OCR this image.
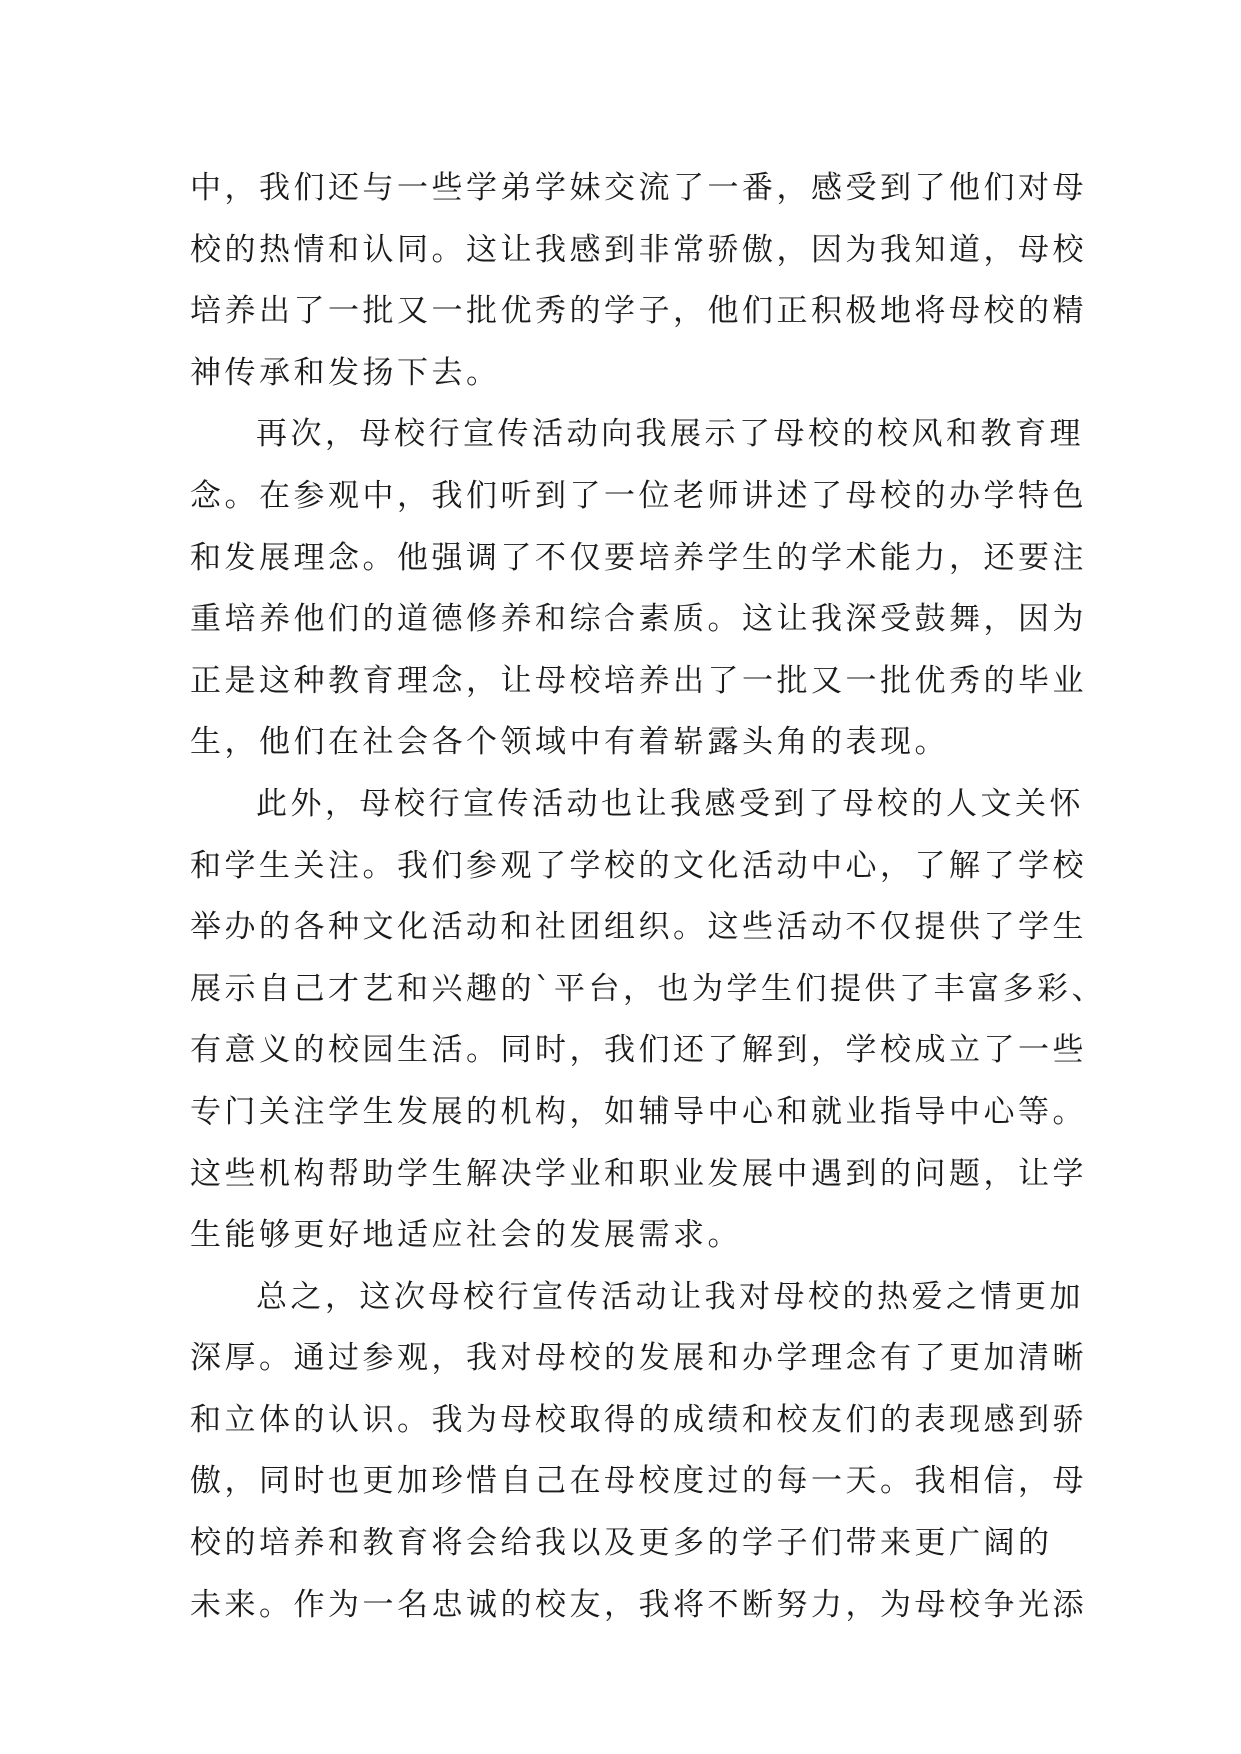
中，我们还与一些学弟学妹交流了一番，感受到了他们对母
校的热情和认同。这让我感到非常骄傲，因为我知道，母校
培养出了一批又一批优秀的学子，他们正积极地将母校的精
神传承和发扬下去。
再次，母校行宣传活动向我展示了母校的校风和教育理
念。在参观中，我们听到了一位老师讲述了母校的办学特色
和发展理念。他强调了不仅要培养学生的学术能力，还要注
重培养他们的道德修养和综合素质。这让我深受鼓舞，因为
正是这种教育理念，让母校培养出了一批又一批优秀的毕业
生，他们在社会各个领域中有着崭露头角的表现。
此外，母校行宣传活动也让我感受到了母校的人文关怀
和学生关注。我们参观了学校的文化活动中心，了解了学校
举办的各种文化活动和社团组织。这些活动不仅提供了学生
展示自己才艺和兴趣的`平台，也为学生们提供了丰富多彩、
有意义的校园生活。同时，我们还了解到，学校成立了一些
专门关注学生发展的机构，如辅导中心和就业指导中心等。
这些机构帮助学生解决学业和职业发展中遇到的问题，让学
生能够更好地适应社会的发展需求。
总之，这次母校行宣传活动让我对母校的热爱之情更加
深厚。通过参观，我对母校的发展和办学理念有了更加清晰
和立体的认识。我为母校取得的成绩和校友们的表现感到骄
傲，同时也更加珍惜自己在母校度过的每一天。我相信，母
校的培养和教育将会给我以及更多的学子们带来更广阔的
未来。作为一名忠诚的校友，我将不断努力，为母校争光添
